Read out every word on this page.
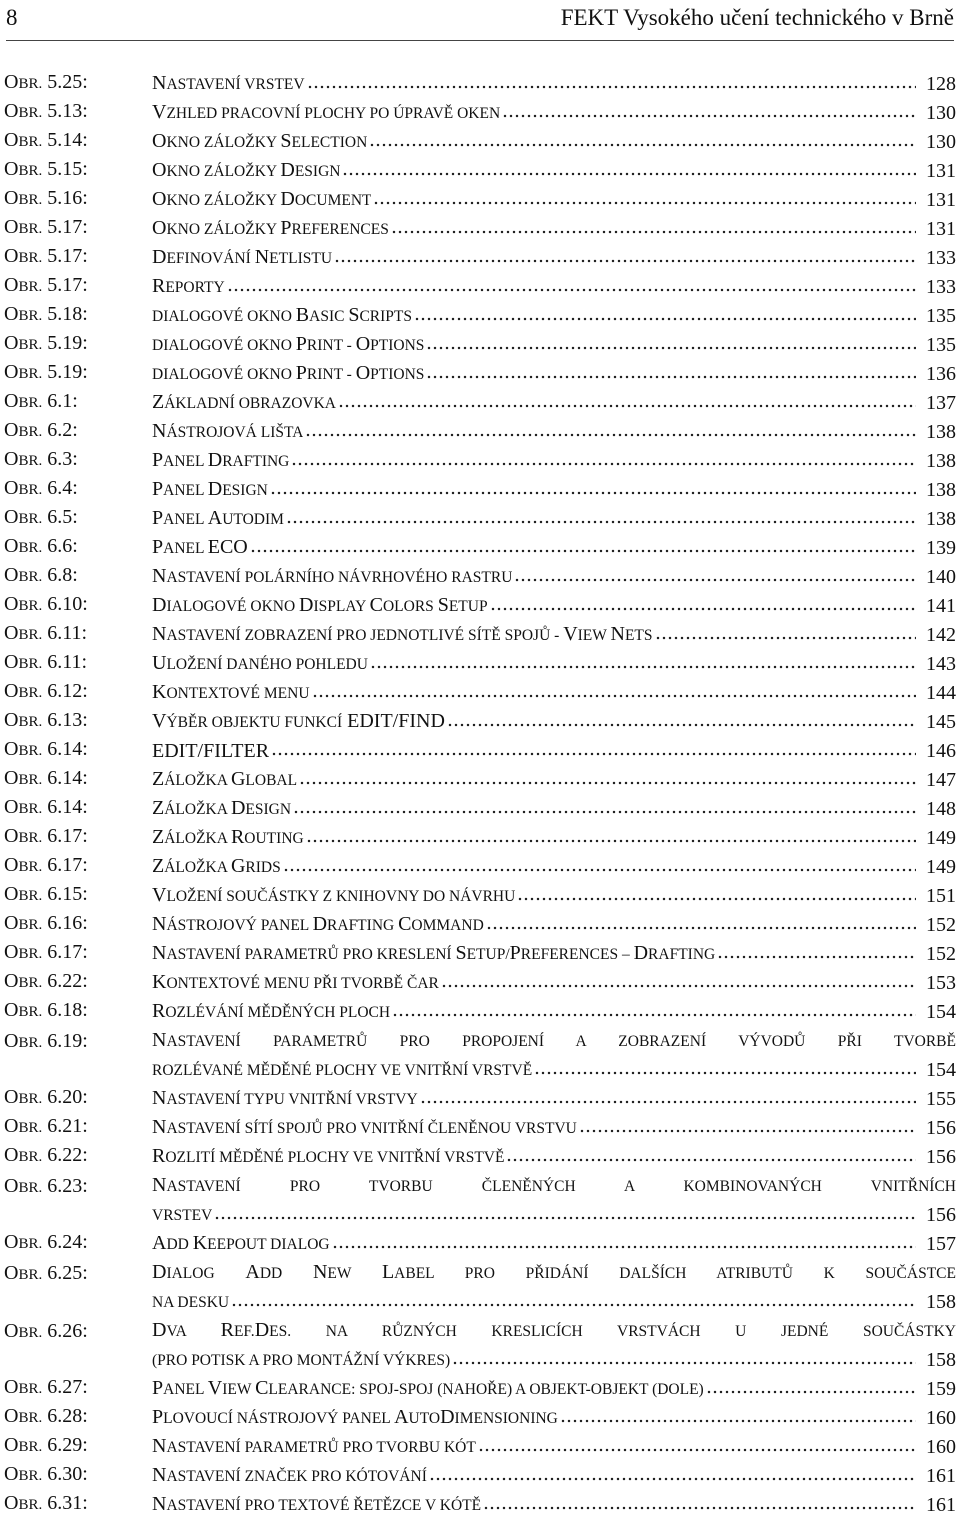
8	FEKT Vysokého učení technického v Brně
OBR. 5.25:	NASTAVENÍ VRSTEV	128
OBR. 5.13:	VZHLED PRACOVNÍ PLOCHY PO ÚPRAVĚ OKEN	130
OBR. 5.14:	OKNO ZÁLOŽKY SELECTION	130
OBR. 5.15:	OKNO ZÁLOŽKY DESIGN	131
OBR. 5.16:	OKNO ZÁLOŽKY DOCUMENT	131
OBR. 5.17:	OKNO ZÁLOŽKY PREFERENCES	131
OBR. 5.17:	DEFINOVÁNÍ NETLISTU	133
OBR. 5.17:	REPORTY	133
OBR. 5.18:	DIALOGOVÉ OKNO BASIC SCRIPTS	135
OBR. 5.19:	DIALOGOVÉ OKNO PRINT - OPTIONS	135
OBR. 5.19:	DIALOGOVÉ OKNO PRINT - OPTIONS	136
OBR. 6.1:	ZÁKLADNÍ OBRAZOVKA	137
OBR. 6.2:	NÁSTROJOVÁ LIŠTA	138
OBR. 6.3:	PANEL DRAFTING	138
OBR. 6.4:	PANEL DESIGN	138
OBR. 6.5:	PANEL AUTODIM	138
OBR. 6.6:	PANEL ECO	139
OBR. 6.8:	NASTAVENÍ POLÁRNÍHO NÁVRHOVÉHO RASTRU	140
OBR. 6.10:	DIALOGOVÉ OKNO DISPLAY COLORS SETUP	141
OBR. 6.11:	NASTAVENÍ ZOBRAZENÍ PRO JEDNOTLIVÉ SÍTĚ SPOJŮ - VIEW NETS	142
OBR. 6.11:	ULOŽENÍ DANÉHO POHLEDU	143
OBR. 6.12:	KONTEXTOVÉ MENU	144
OBR. 6.13:	VÝBĚR OBJEKTU FUNKCÍ EDIT/FIND	145
OBR. 6.14:	EDIT/FILTER	146
OBR. 6.14:	ZÁLOŽKA GLOBAL	147
OBR. 6.14:	ZÁLOŽKA DESIGN	148
OBR. 6.17:	ZÁLOŽKA ROUTING	149
OBR. 6.17:	ZÁLOŽKA GRIDS	149
OBR. 6.15:	VLOŽENÍ SOUČÁSTKY Z KNIHOVNY DO NÁVRHU	151
OBR. 6.16:	NÁSTROJOVÝ PANEL DRAFTING COMMAND	152
OBR. 6.17:	NASTAVENÍ PARAMETRŮ PRO KRESLENÍ SETUP/PREFERENCES – DRAFTING	152
OBR. 6.22:	KONTEXTOVÉ MENU PŘI TVORBĚ ČAR	153
OBR. 6.18:	ROZLÉVÁNÍ MĚDĚNÝCH PLOCH	154
OBR. 6.19:	NASTAVENÍ PARAMETRŮ PRO PROPOJENÍ A ZOBRAZENÍ VÝVODŮ PŘI TVORBĚ
ROZLÉVANÉ MĚDĚNÉ PLOCHY VE VNITŘNÍ VRSTVĚ	154
OBR. 6.20:	NASTAVENÍ TYPU VNITŘNÍ VRSTVY	155
OBR. 6.21:	NASTAVENÍ SÍTÍ SPOJŮ PRO VNITŘNÍ ČLENĚNOU VRSTVU	156
OBR. 6.22:	ROZLITÍ MĚDĚNÉ PLOCHY VE VNITŘNÍ VRSTVĚ	156
OBR. 6.23:	NASTAVENÍ PRO TVORBU ČLENĚNÝCH A KOMBINOVANÝCH VNITŘNÍCH
VRSTEV	156
OBR. 6.24:	ADD KEEPOUT DIALOG	157
OBR. 6.25:	DIALOG ADD NEW LABEL PRO PŘIDÁNÍ DALŠÍCH ATRIBUTŮ K SOUČÁSTCE
NA DESKU	158
OBR. 6.26:	DVA REF.DES. NA RŮZNÝCH KRESLICÍCH VRSTVÁCH U JEDNÉ SOUČÁSTKY
(PRO POTISK A PRO MONTÁŽNÍ VÝKRES)	158
OBR. 6.27:	PANEL VIEW CLEARANCE: SPOJ-SPOJ (NAHOŘE) A OBJEKT-OBJEKT (DOLE)	159
OBR. 6.28:	PLOVOUCÍ NÁSTROJOVÝ PANEL AUTODIMENSIONING	160
OBR. 6.29:	NASTAVENÍ PARAMETRŮ PRO TVORBU KÓT	160
OBR. 6.30:	NASTAVENÍ ZNAČEK PRO KÓTOVÁNÍ	161
OBR. 6.31:	NASTAVENÍ PRO TEXTOVÉ ŘETĚZCE V KÓTĚ	161
